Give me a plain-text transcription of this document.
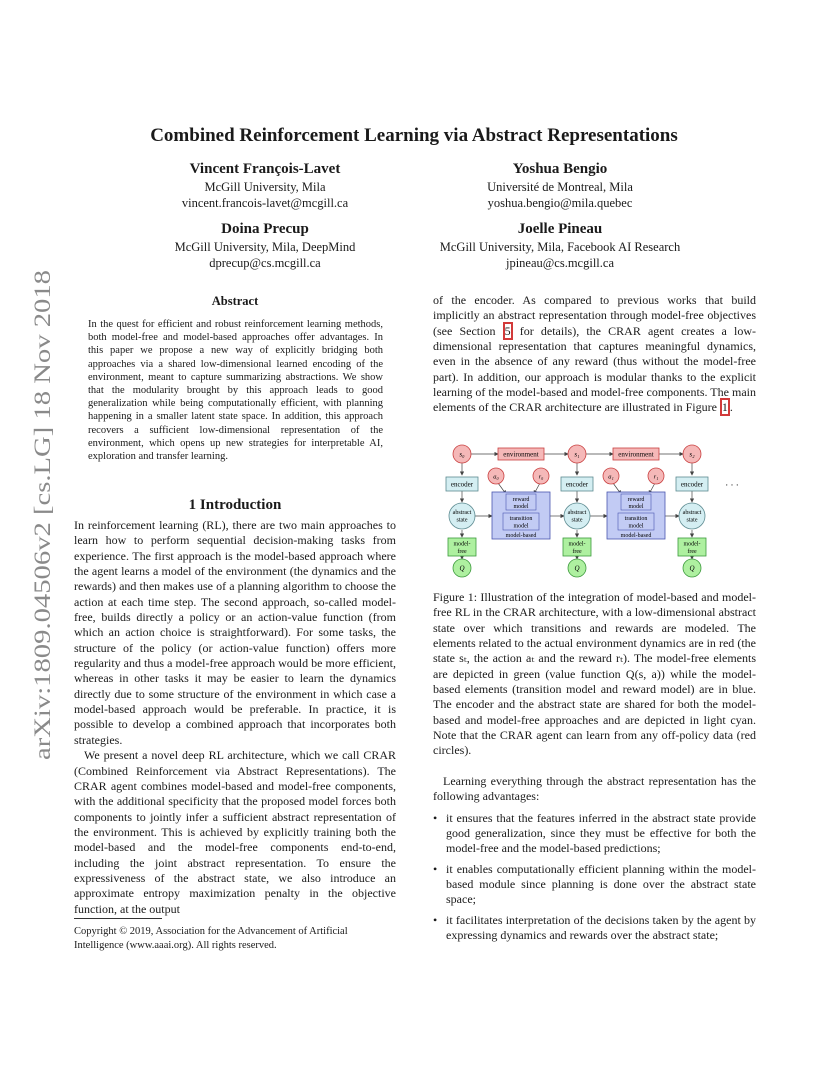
arXiv:1809.04506v2 [cs.LG] 18 Nov 2018
Combined Reinforcement Learning via Abstract Representations
Vincent François-Lavet
McGill University, Mila
vincent.francois-lavet@mcgill.ca
Yoshua Bengio
Université de Montreal, Mila
yoshua.bengio@mila.quebec
Doina Precup
McGill University, Mila, DeepMind
dprecup@cs.mcgill.ca
Joelle Pineau
McGill University, Mila, Facebook AI Research
jpineau@cs.mcgill.ca
Abstract
In the quest for efficient and robust reinforcement learning methods, both model-free and model-based approaches offer advantages. In this paper we propose a new way of explicitly bridging both approaches via a shared low-dimensional learned encoding of the environment, meant to capture summarizing abstractions. We show that the modularity brought by this approach leads to good generalization while being computationally efficient, with planning happening in a smaller latent state space. In addition, this approach recovers a sufficient low-dimensional representation of the environment, which opens up new strategies for interpretable AI, exploration and transfer learning.
1 Introduction

In reinforcement learning (RL), there are two main approaches to learn how to perform sequential decision-making tasks from experience. The first approach is the model-based approach where the agent learns a model of the environment (the dynamics and the rewards) and then makes use of a planning algorithm to choose the action at each time step. The second approach, so-called model-free, builds directly a policy or an action-value function (from which an action choice is straightforward). For some tasks, the structure of the policy (or action-value function) offers more regularity and thus a model-free approach would be more efficient, whereas in other tasks it may be easier to learn the dynamics directly due to some structure of the environment in which case a model-based approach would be preferable. In practice, it is possible to develop a combined approach that incorporates both strategies.

We present a novel deep RL architecture, which we call CRAR (Combined Reinforcement via Abstract Representations). The CRAR agent combines model-based and model-free components, with the additional specificity that the proposed model forces both components to jointly infer a sufficient abstract representation of the environment. This is achieved by explicitly training both the model-based and the model-free components end-to-end, including the joint abstract representation. To ensure the expressiveness of the abstract state, we also introduce an approximate entropy maximization penalty in the objective function, at the output

Copyright © 2019, Association for the Advancement of Artificial Intelligence (www.aaai.org). All rights reserved.

of the encoder. As compared to previous works that build implicitly an abstract representation through model-free objectives (see Section 5 for details), the CRAR agent creates a low-dimensional representation that captures meaningful dynamics, even in the absence of any reward (thus without the model-free part). In addition, our approach is modular thanks to the explicit learning of the model-based and model-free components. The main elements of the CRAR architecture are illustrated in Figure 1 .

s₀	s₁	s₂
environment	environment
a₀	r₀	a₁	r₁
encoder	encoder	encoder · · ·
abstract
state
abstract
state
abstract
state
reward
model
transition
model
model-based
reward
model
transition
model
model-based
model-
free
model-
free
model-
free
Q	Q	Q
Figure 1: Illustration of the integration of model-based and model-free RL in the CRAR architecture, with a low-dimensional abstract state over which transitions and rewards are modeled. The elements related to the actual environment dynamics are in red (the state sₜ, the action aₜ and the reward rₜ). The model-free elements are depicted in green (value function Q(s, a)) while the model-based elements (transition model and reward model) are in blue. The encoder and the abstract state are shared for both the model-based and model-free approaches and are depicted in light cyan. Note that the CRAR agent can learn from any off-policy data (red circles).

Learning everything through the abstract representation has the following advantages:

• it ensures that the features inferred in the abstract state provide good generalization, since they must be effective for both the model-free and the model-based predictions;
• it enables computationally efficient planning within the model-based module since planning is done over the abstract state space;
• it facilitates interpretation of the decisions taken by the agent by expressing dynamics and rewards over the abstract state;
